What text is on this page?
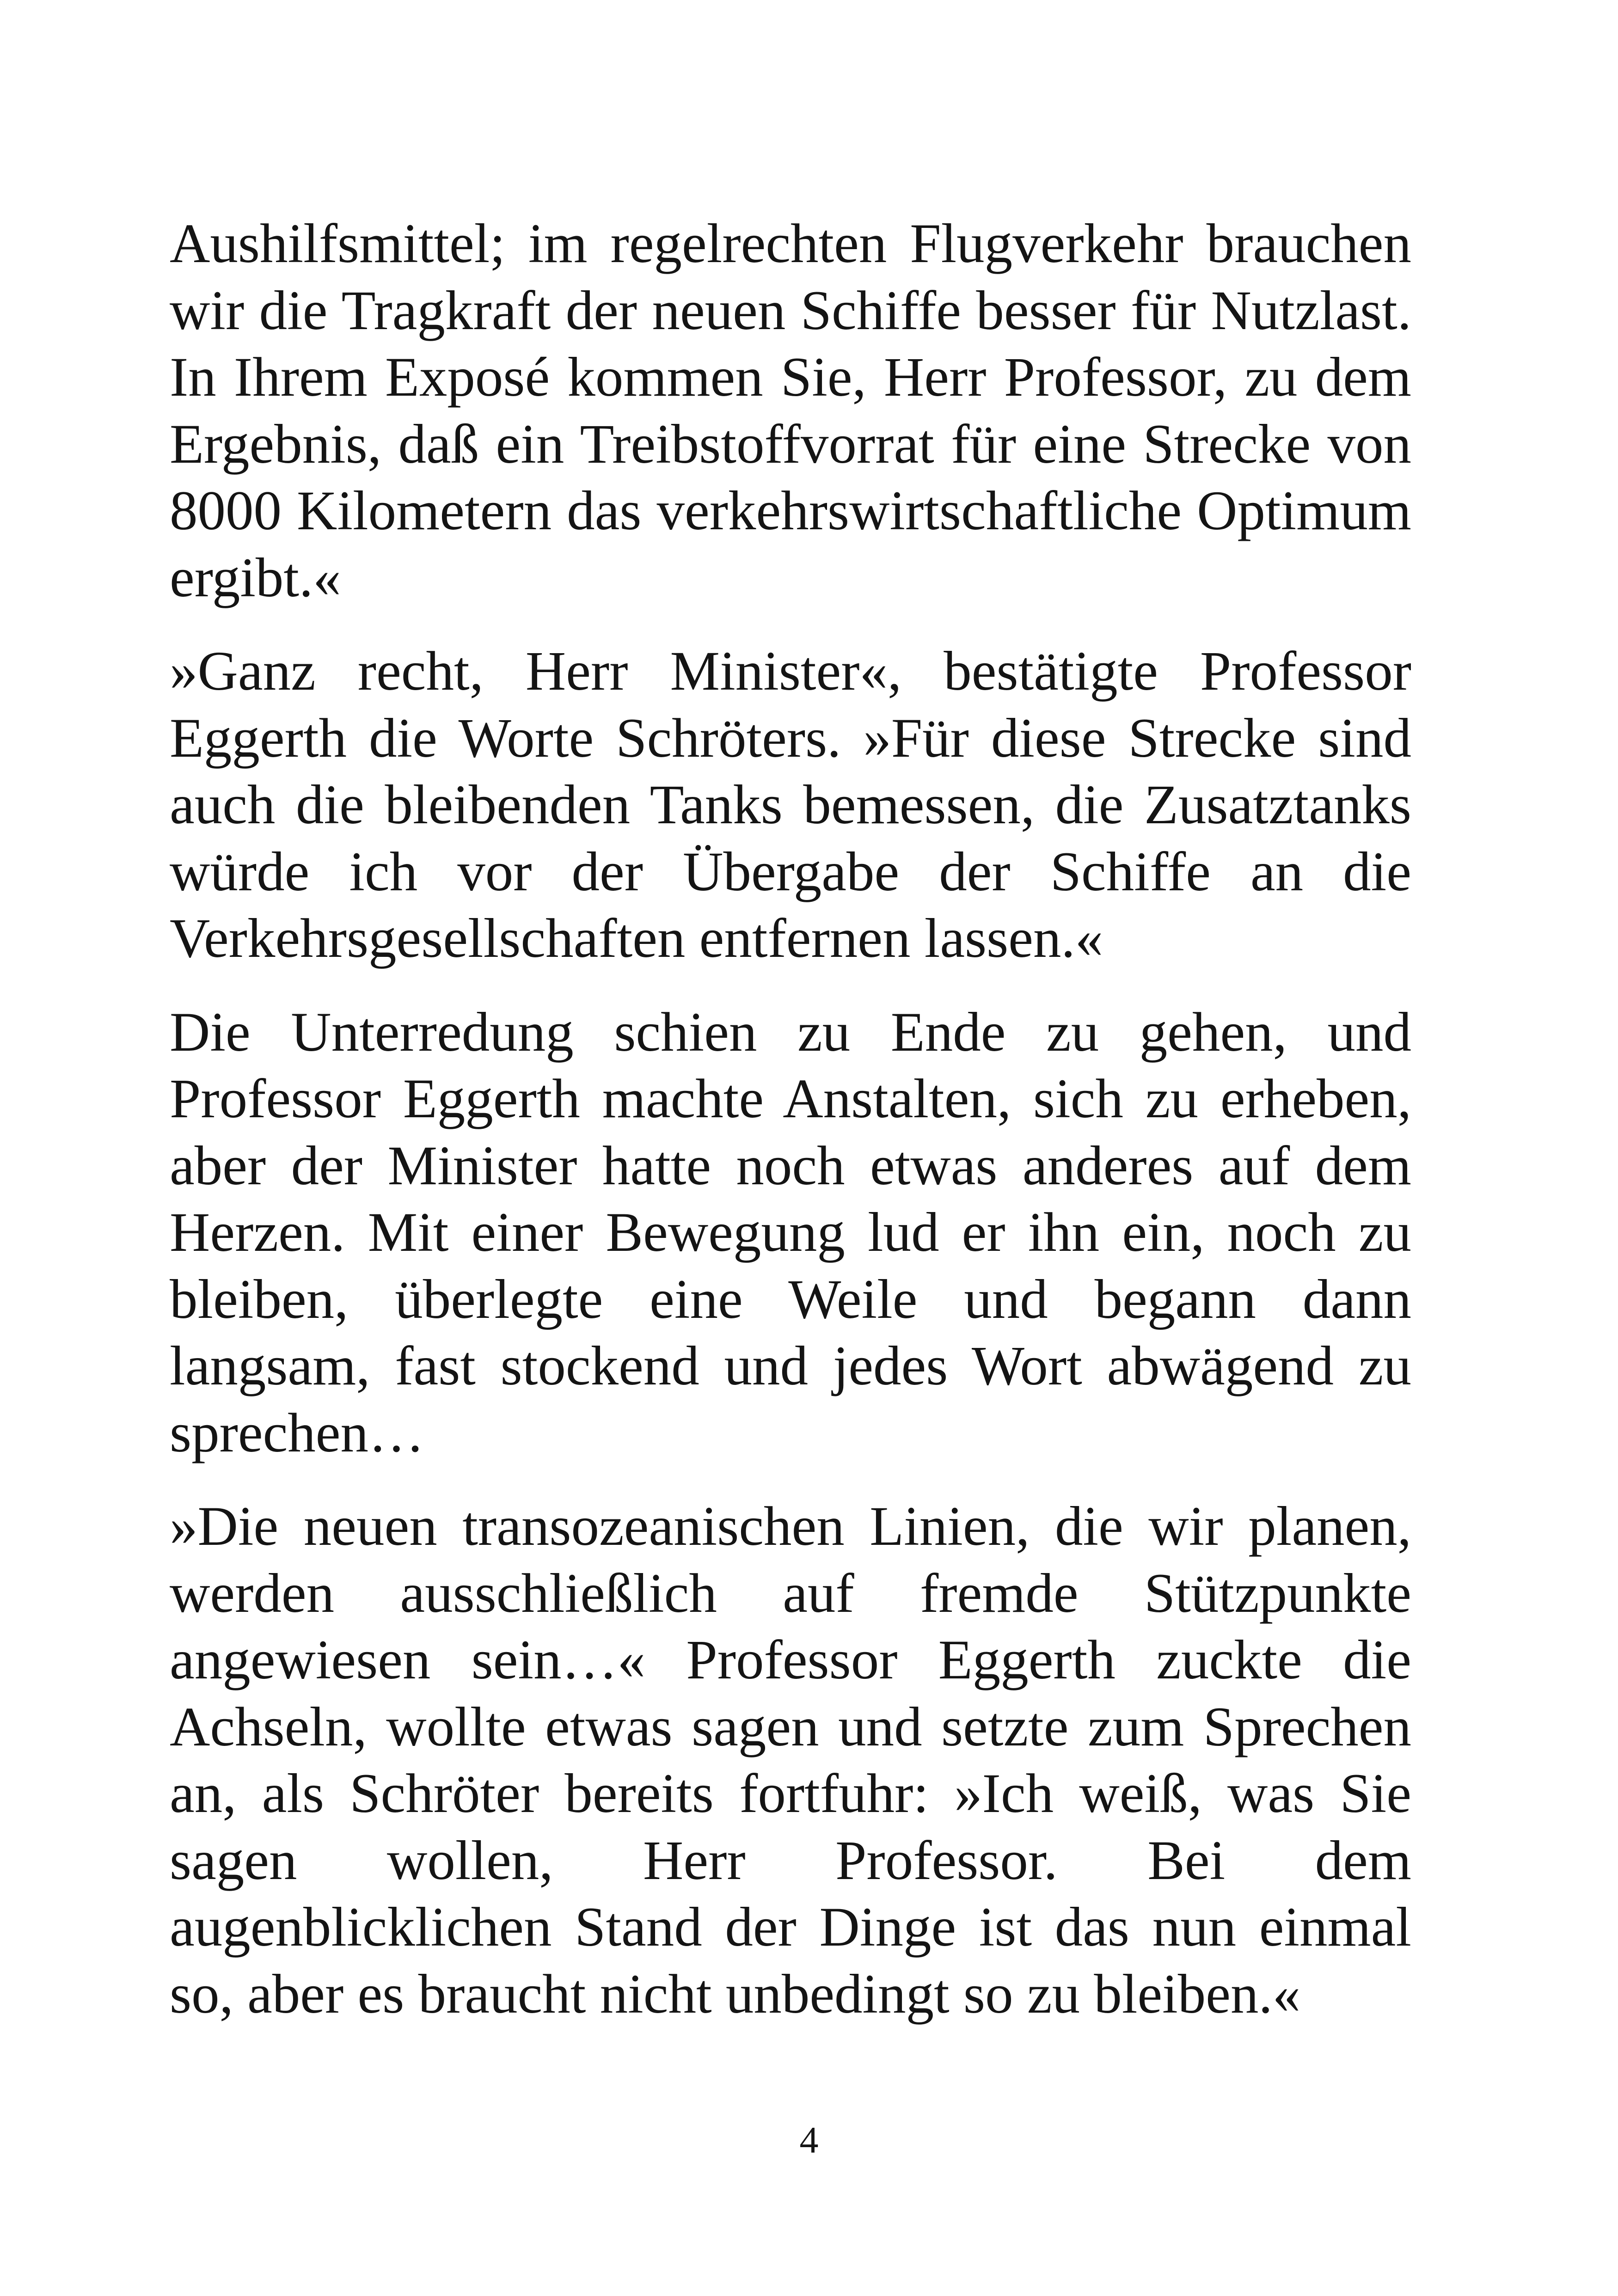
Aushilfsmittel; im regelrechten Flugverkehr brauchen wir die Tragkraft der neuen Schiffe besser für Nutzlast. In Ihrem Exposé kommen Sie, Herr Professor, zu dem Ergebnis, daß ein Treibstoffvorrat für eine Strecke von 8000 Kilometern das verkehrswirtschaftliche Optimum ergibt.«

»Ganz recht, Herr Minister«, bestätigte Professor Eggerth die Worte Schröters. »Für diese Strecke sind auch die bleibenden Tanks bemessen, die Zusatztanks würde ich vor der Übergabe der Schiffe an die Verkehrsgesellschaften entfernen lassen.«

Die Unterredung schien zu Ende zu gehen, und Professor Eggerth machte Anstalten, sich zu erheben, aber der Minister hatte noch etwas anderes auf dem Herzen. Mit einer Bewegung lud er ihn ein, noch zu bleiben, überlegte eine Weile und begann dann langsam, fast stockend und jedes Wort abwägend zu sprechen…

»Die neuen transozeanischen Linien, die wir planen, werden ausschließlich auf fremde Stützpunkte angewiesen sein…« Professor Eggerth zuckte die Achseln, wollte etwas sagen und setzte zum Sprechen an, als Schröter bereits fortfuhr: »Ich weiß, was Sie sagen wollen, Herr Professor. Bei dem augenblicklichen Stand der Dinge ist das nun einmal so, aber es braucht nicht unbedingt so zu bleiben.«

4
